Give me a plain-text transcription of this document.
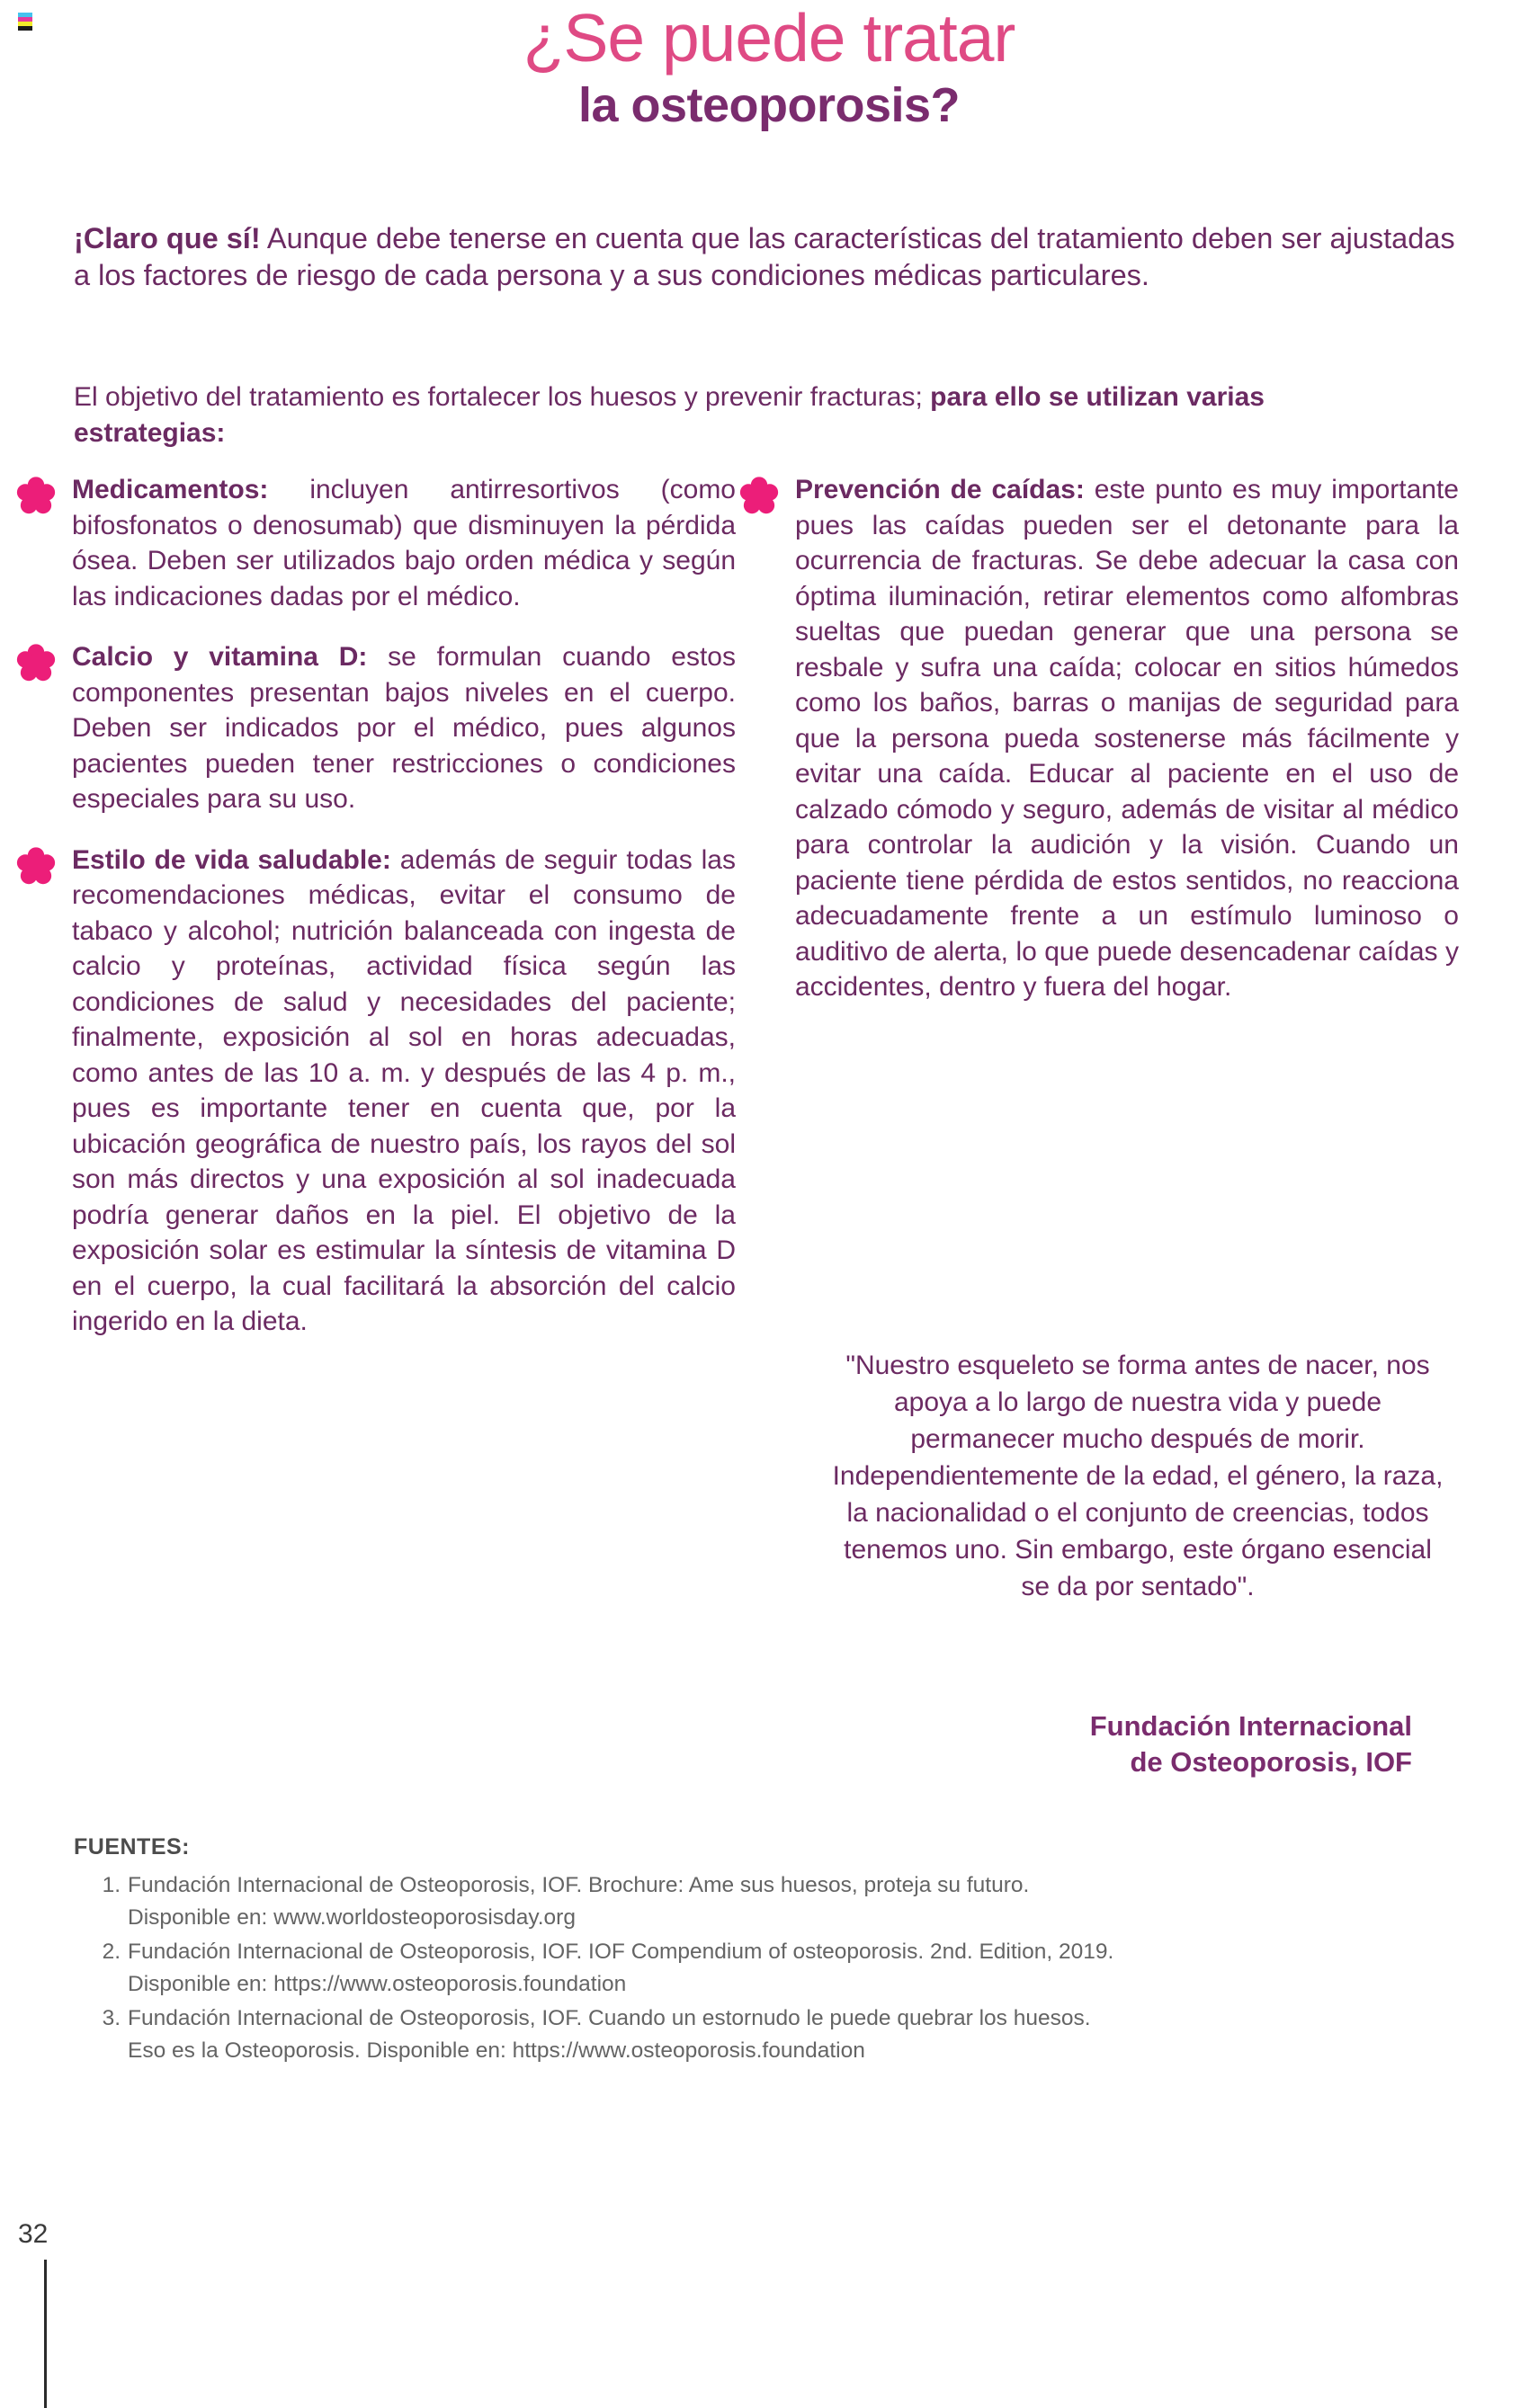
¿Se puede tratar
la osteoporosis?

¡Claro que sí! Aunque debe tenerse en cuenta que las características del tratamiento deben ser ajustadas a los factores de riesgo de cada persona y a sus condiciones médicas particulares.

El objetivo del tratamiento es fortalecer los huesos y prevenir fracturas; para ello se utilizan varias estrategias:

Medicamentos: incluyen antirresortivos (como bifosfonatos o denosumab) que disminuyen la pérdida ósea. Deben ser utilizados bajo orden médica y según las indicaciones dadas por el médico.
Calcio y vitamina D: se formulan cuando estos componentes presentan bajos niveles en el cuerpo. Deben ser indicados por el médico, pues algunos pacientes pueden tener restricciones o condiciones especiales para su uso.
Estilo de vida saludable: además de seguir todas las recomendaciones médicas, evitar el consumo de tabaco y alcohol; nutrición balanceada con ingesta de calcio y proteínas, actividad física según las condiciones de salud y necesidades del paciente; finalmente, exposición al sol en horas adecuadas, como antes de las 10 a. m. y después de las 4 p. m., pues es importante tener en cuenta que, por la ubicación geográfica de nuestro país, los rayos del sol son más directos y una exposición al sol inadecuada podría generar daños en la piel. El objetivo de la exposición solar es estimular la síntesis de vitamina D en el cuerpo, la cual facilitará la absorción del calcio ingerido en la dieta.
Prevención de caídas: este punto es muy importante pues las caídas pueden ser el detonante para la ocurrencia de fracturas. Se debe adecuar la casa con óptima iluminación, retirar elementos como alfombras sueltas que puedan generar que una persona se resbale y sufra una caída; colocar en sitios húmedos como los baños, barras o manijas de seguridad para que la persona pueda sostenerse más fácilmente y evitar una caída. Educar al paciente en el uso de calzado cómodo y seguro, además de visitar al médico para controlar la audición y la visión. Cuando un paciente tiene pérdida de estos sentidos, no reacciona adecuadamente frente a un estímulo luminoso o auditivo de alerta, lo que puede desencadenar caídas y accidentes, dentro y fuera del hogar.
"Nuestro esqueleto se forma antes de nacer, nos apoya a lo largo de nuestra vida y puede permanecer mucho después de morir. Independientemente de la edad, el género, la raza, la nacionalidad o el conjunto de creencias, todos tenemos uno. Sin embargo, este órgano esencial se da por sentado".
Fundación Internacional
de Osteoporosis, IOF
FUENTES:
1. Fundación Internacional de Osteoporosis, IOF. Brochure: Ame sus huesos, proteja su futuro.
Disponible en: www.worldosteoporosisday.org
2. Fundación Internacional de Osteoporosis, IOF. IOF Compendium of osteoporosis. 2nd. Edition, 2019.
Disponible en: https://www.osteoporosis.foundation
3. Fundación Internacional de Osteoporosis, IOF. Cuando un estornudo le puede quebrar los huesos.
Eso es la Osteoporosis. Disponible en: https://www.osteoporosis.foundation
32
